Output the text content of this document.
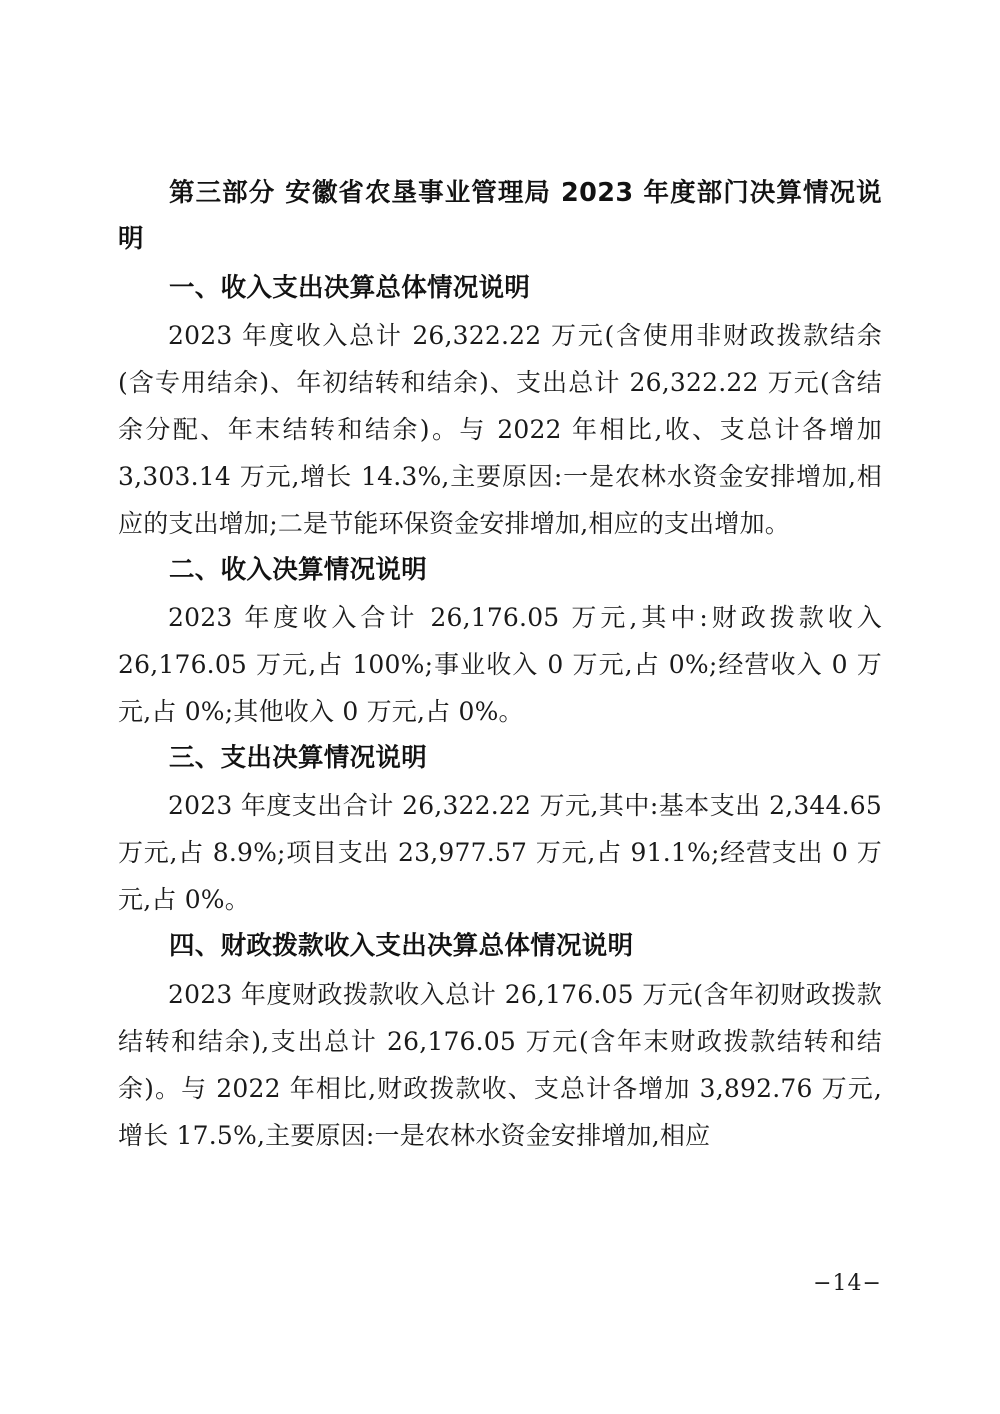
第三部分 安徽省农垦事业管理局 2023 年度部门决算情况说明
一、收入支出决算总体情况说明

2023 年度收入总计 26,322.22 万元(含使用非财政拨款结余(含专用结余)、年初结转和结余)、支出总计 26,322.22 万元(含结余分配、年末结转和结余)。与 2022 年相比,收、支总计各增加 3,303.14 万元,增长 14.3%,主要原因:一是农林水资金安排增加,相应的支出增加;二是节能环保资金安排增加,相应的支出增加。

二、收入决算情况说明

2023 年度收入合计 26,176.05 万元,其中:财政拨款收入 26,176.05 万元,占 100%;事业收入 0 万元,占 0%;经营收入 0 万元,占 0%;其他收入 0 万元,占 0%。

三、支出决算情况说明

2023 年度支出合计 26,322.22 万元,其中:基本支出 2,344.65 万元,占 8.9%;项目支出 23,977.57 万元,占 91.1%;经营支出 0 万元,占 0%。

四、财政拨款收入支出决算总体情况说明

2023 年度财政拨款收入总计 26,176.05 万元(含年初财政拨款结转和结余),支出总计 26,176.05 万元(含年末财政拨款结转和结余)。与 2022 年相比,财政拨款收、支总计各增加 3,892.76 万元,增长 17.5%,主要原因:一是农林水资金安排增加,相应

−14−
